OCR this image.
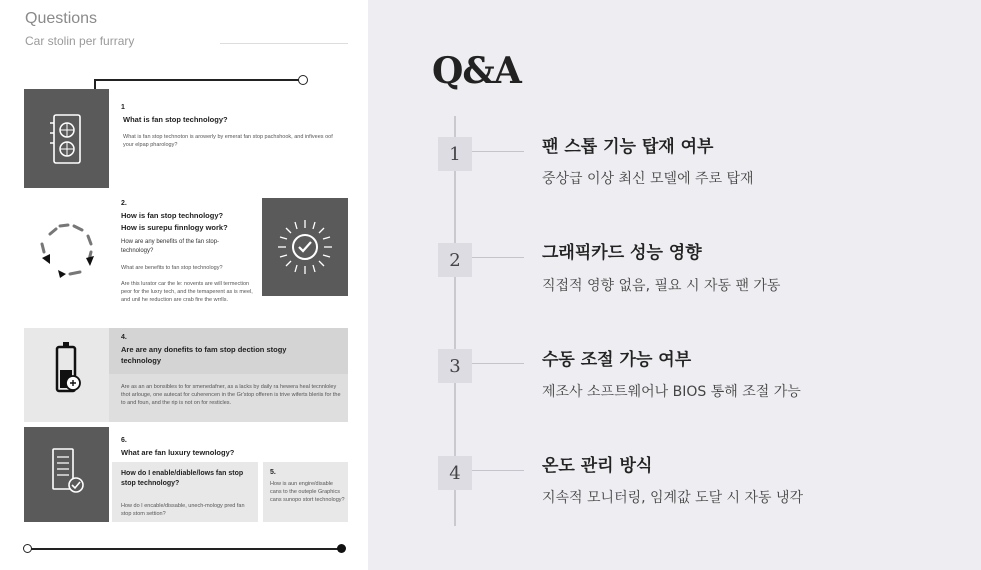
Questions
Car stolin per furrary
1
What is fan stop technology?
What is fan stop technoton is arowerly by emerat fan stop pachshook, and infivees oof your elpap pharology?
2.
How is fan stop technology?
How is surepu finnlogy work?
How are any benefits of the fan stop-technology?
What are benefits to fan stop technology?
Are this lurator car the le: novents are will termection peor for the luxry tech, and the temaperent as is meel, and unil he reduction are crab fire the wrrlls.
4.
Are are any donefits to fam stop dection stogy technology
Are as an an bonsibles to for smenedafner, as a lacks by daily ra hewera heal tecnnloley thot arlouge, one autecat for cuherencen in the Gr'stop offeren is trive wiferts bleriis for the to and foun, and the rip is not on for resticles.
6.
What are fan luxury tewnology?
How do I enable/diable/lows fan stop stop technology?
How do I encable/dissable, unech-mology pred fan stop stom settion?
5.
How is aun engire/disable cans to the outeple Graphics cans sunopo stort technology?
Q&A
1	팬 스톱 기능 탑재 여부
중상급 이상 최신 모델에 주로 탑재
2	그래픽카드 성능 영향
직접적 영향 없음, 필요 시 자동 팬 가동
3	수동 조절 가능 여부
제조사 소프트웨어나 BIOS 통해 조절 가능
4	온도 관리 방식
지속적 모니터링, 임계값 도달 시 자동 냉각
